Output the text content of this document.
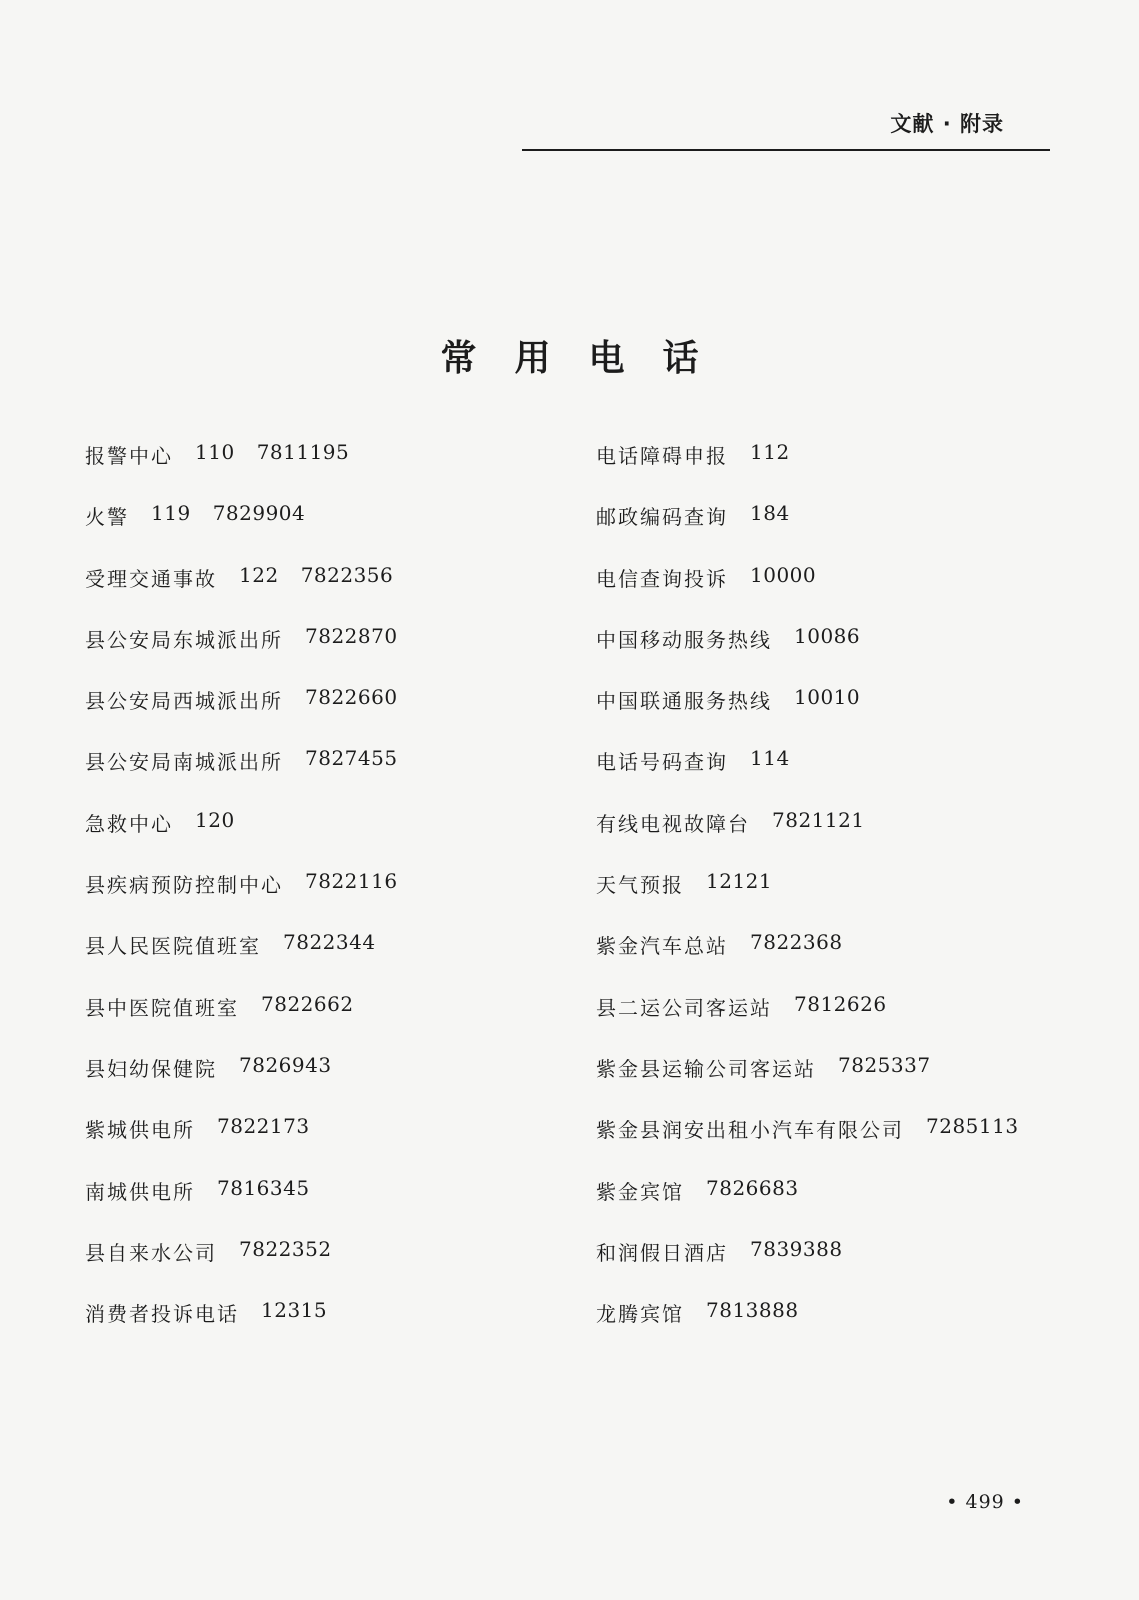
文献 · 附录
常用电话
报警中心 110 7811195
火警 119 7829904
受理交通事故 122 7822356
县公安局东城派出所 7822870
县公安局西城派出所 7822660
县公安局南城派出所 7827455
急救中心 120
县疾病预防控制中心 7822116
县人民医院值班室 7822344
县中医院值班室 7822662
县妇幼保健院 7826943
紫城供电所 7822173
南城供电所 7816345
县自来水公司 7822352
消费者投诉电话 12315
电话障碍申报 112
邮政编码查询 184
电信查询投诉 10000
中国移动服务热线 10086
中国联通服务热线 10010
电话号码查询 114
有线电视故障台 7821121
天气预报 12121
紫金汽车总站 7822368
县二运公司客运站 7812626
紫金县运输公司客运站 7825337
紫金县润安出租小汽车有限公司 7285113
紫金宾馆 7826683
和润假日酒店 7839388
龙腾宾馆 7813888
• 499 •
